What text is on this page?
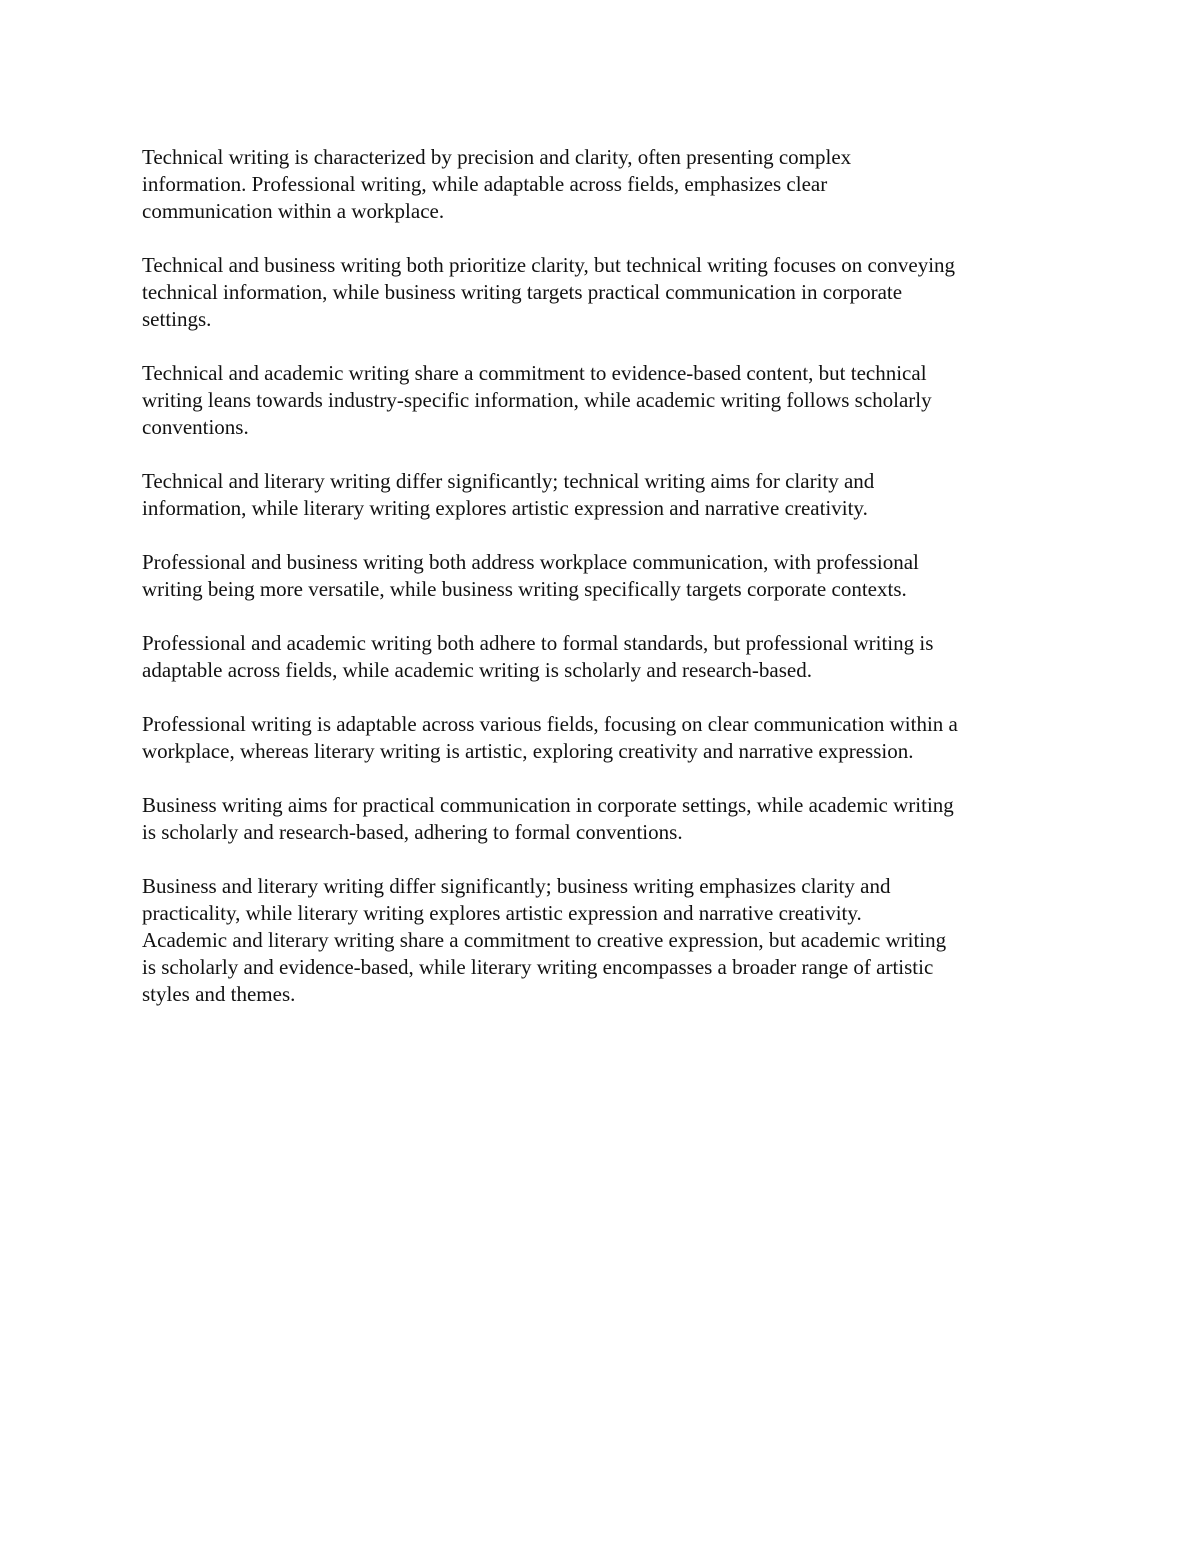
Technical writing is characterized by precision and clarity, often presenting complex
information. Professional writing, while adaptable across fields, emphasizes clear
communication within a workplace.

Technical and business writing both prioritize clarity, but technical writing focuses on conveying
technical information, while business writing targets practical communication in corporate
settings.

Technical and academic writing share a commitment to evidence-based content, but technical
writing leans towards industry-specific information, while academic writing follows scholarly
conventions.

Technical and literary writing differ significantly; technical writing aims for clarity and
information, while literary writing explores artistic expression and narrative creativity.

Professional and business writing both address workplace communication, with professional
writing being more versatile, while business writing specifically targets corporate contexts.

Professional and academic writing both adhere to formal standards, but professional writing is
adaptable across fields, while academic writing is scholarly and research-based.

Professional writing is adaptable across various fields, focusing on clear communication within a
workplace, whereas literary writing is artistic, exploring creativity and narrative expression.

Business writing aims for practical communication in corporate settings, while academic writing
is scholarly and research-based, adhering to formal conventions.

Business and literary writing differ significantly; business writing emphasizes clarity and
practicality, while literary writing explores artistic expression and narrative creativity.

Academic and literary writing share a commitment to creative expression, but academic writing
is scholarly and evidence-based, while literary writing encompasses a broader range of artistic
styles and themes.
